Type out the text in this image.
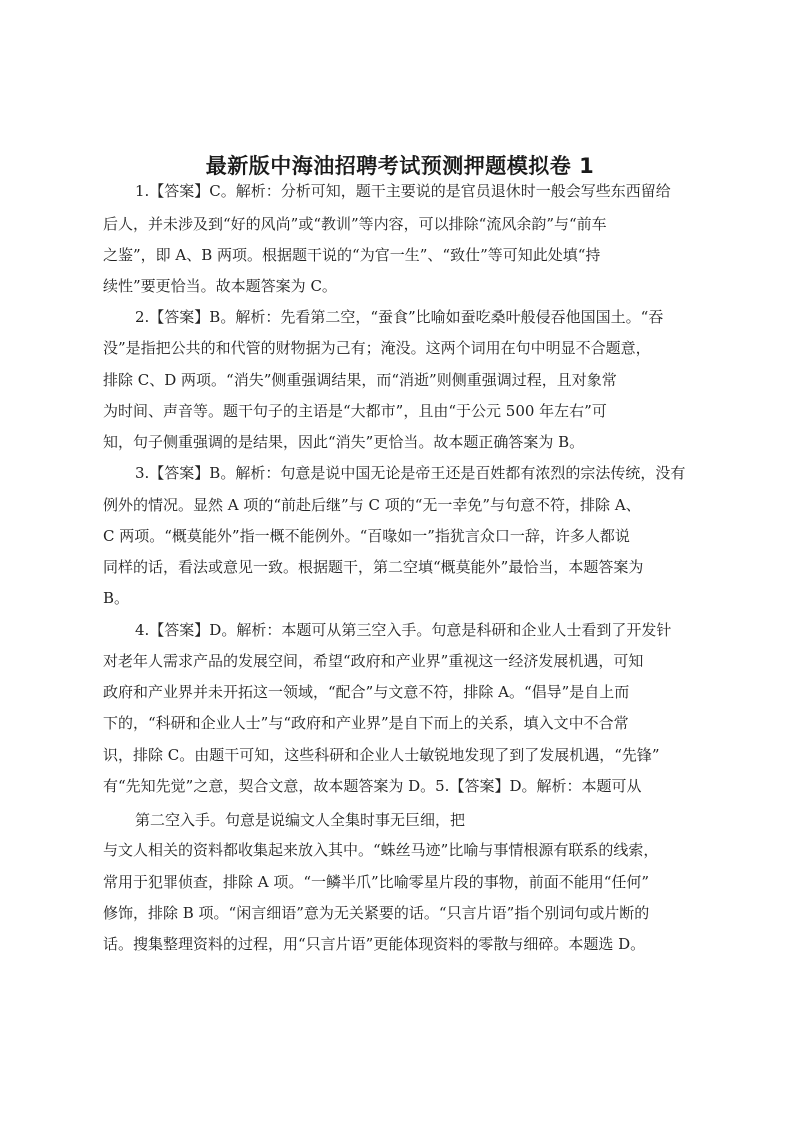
最新版中海油招聘考试预测押题模拟卷 1
1.【答案】C。解析：分析可知，题干主要说的是官员退休时一般会写些东西留给
后人，并未涉及到“好的风尚”或“教训”等内容，可以排除“流风余韵”与“前车
之鉴”，即 A、B 两项。根据题干说的“为官一生”、“致仕”等可知此处填“持
续性”要更恰当。故本题答案为 C。
2.【答案】B。解析：先看第二空，“蚕食”比喻如蚕吃桑叶般侵吞他国国土。“吞
没”是指把公共的和代管的财物据为己有；淹没。这两个词用在句中明显不合题意，
排除 C、D 两项。“消失”侧重强调结果，而“消逝”则侧重强调过程，且对象常
为时间、声音等。题干句子的主语是“大都市”，且由“于公元 500 年左右”可
知，句子侧重强调的是结果，因此“消失”更恰当。故本题正确答案为 B。
3.【答案】B。解析：句意是说中国无论是帝王还是百姓都有浓烈的宗法传统，没有
例外的情况。显然 A 项的“前赴后继”与 C 项的“无一幸免”与句意不符，排除 A、
C 两项。“概莫能外”指一概不能例外。“百喙如一”指犹言众口一辞，许多人都说
同样的话，看法或意见一致。根据题干，第二空填“概莫能外”最恰当，本题答案为
B。
4.【答案】D。解析：本题可从第三空入手。句意是科研和企业人士看到了开发针
对老年人需求产品的发展空间，希望“政府和产业界”重视这一经济发展机遇，可知
政府和产业界并未开拓这一领域，“配合”与文意不符，排除 A。“倡导”是自上而
下的，“科研和企业人士”与“政府和产业界”是自下而上的关系，填入文中不合常
识，排除 C。由题干可知，这些科研和企业人士敏锐地发现了到了发展机遇，“先锋”
有“先知先觉”之意，契合文意，故本题答案为 D。5.【答案】D。解析：本题可从
第二空入手。句意是说编文人全集时事无巨细，把
与文人相关的资料都收集起来放入其中。“蛛丝马迹”比喻与事情根源有联系的线索，
常用于犯罪侦查，排除 A 项。“一鳞半爪”比喻零星片段的事物，前面不能用“任何”
修饰，排除 B 项。“闲言细语”意为无关紧要的话。“只言片语”指个别词句或片断的
话。搜集整理资料的过程，用“只言片语”更能体现资料的零散与细碎。本题选 D。
